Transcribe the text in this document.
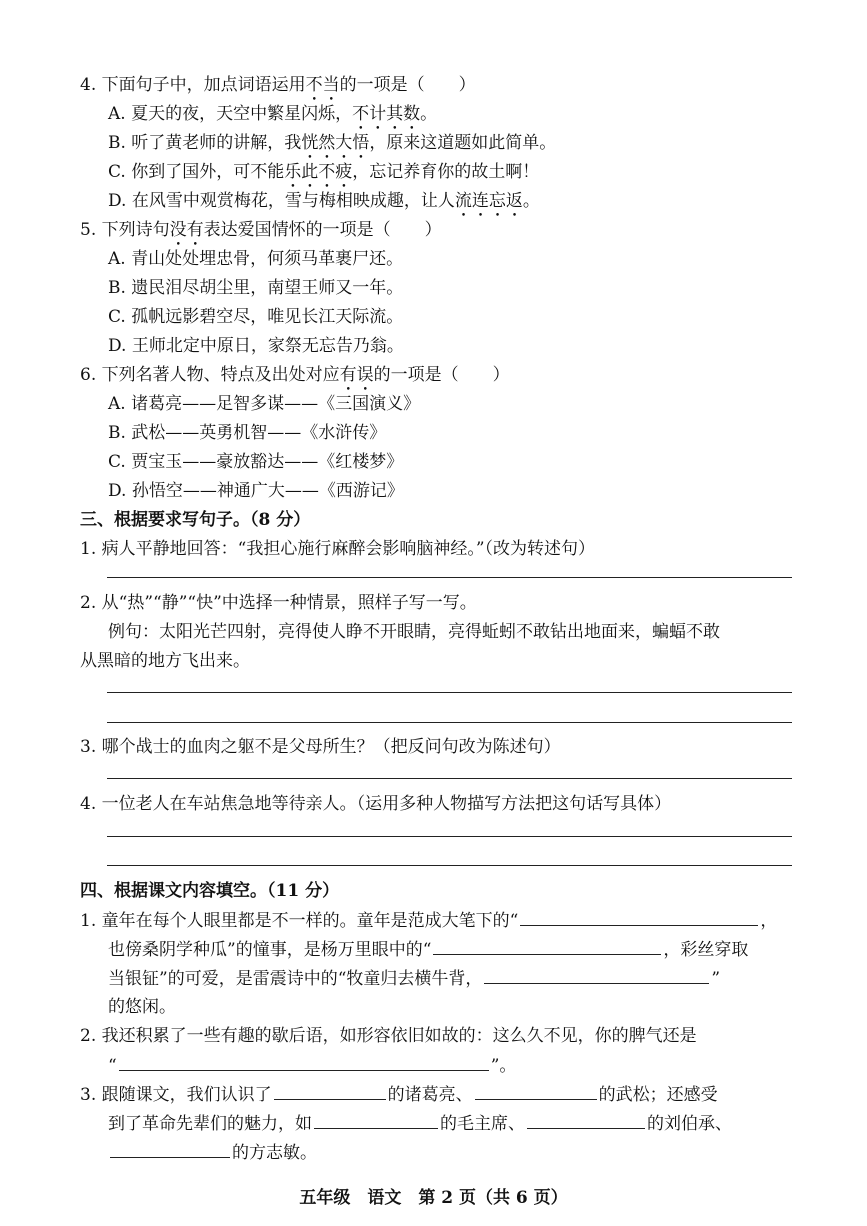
4. 下面句子中，加点词语运用不当的一项是（　　）
A. 夏天的夜，天空中繁星闪烁，不计其数。
B. 听了黄老师的讲解，我恍然大悟，原来这道题如此简单。
C. 你到了国外，可不能乐此不疲，忘记养育你的故土啊！
D. 在风雪中观赏梅花，雪与梅相映成趣，让人流连忘返。
5. 下列诗句没有表达爱国情怀的一项是（　　）
A. 青山处处埋忠骨，何须马革裹尸还。
B. 遗民泪尽胡尘里，南望王师又一年。
C. 孤帆远影碧空尽，唯见长江天际流。
D. 王师北定中原日，家祭无忘告乃翁。
6. 下列名著人物、特点及出处对应有误的一项是（　　）
A. 诸葛亮——足智多谋——《三国演义》
B. 武松——英勇机智——《水浒传》
C. 贾宝玉——豪放豁达——《红楼梦》
D. 孙悟空——神通广大——《西游记》
三、根据要求写句子。（8 分）
1. 病人平静地回答：“我担心施行麻醉会影响脑神经。”（改为转述句）
2. 从“热”“静”“快”中选择一种情景，照样子写一写。
例句：太阳光芒四射，亮得使人睁不开眼睛，亮得蚯蚓不敢钻出地面来，蝙蝠不敢
从黑暗的地方飞出来。
3. 哪个战士的血肉之躯不是父母所生？（把反问句改为陈述句）
4. 一位老人在车站焦急地等待亲人。（运用多种人物描写方法把这句话写具体）
四、根据课文内容填空。（11 分）
1. 童年在每个人眼里都是不一样的。童年是范成大笔下的“	，
也傍桑阴学种瓜”的憧事，是杨万里眼中的“	，彩丝穿取
当银钲”的可爱，是雷震诗中的“牧童归去横牛背，	”
的悠闲。
2. 我还积累了一些有趣的歇后语，如形容依旧如故的：这么久不见，你的脾气还是
“	”。
3. 跟随课文，我们认识了	的诸葛亮、	的武松；还感受
到了革命先辈们的魅力，如	的毛主席、	的刘伯承、
的方志敏。
五年级　语文　第 2 页（共 6 页）
